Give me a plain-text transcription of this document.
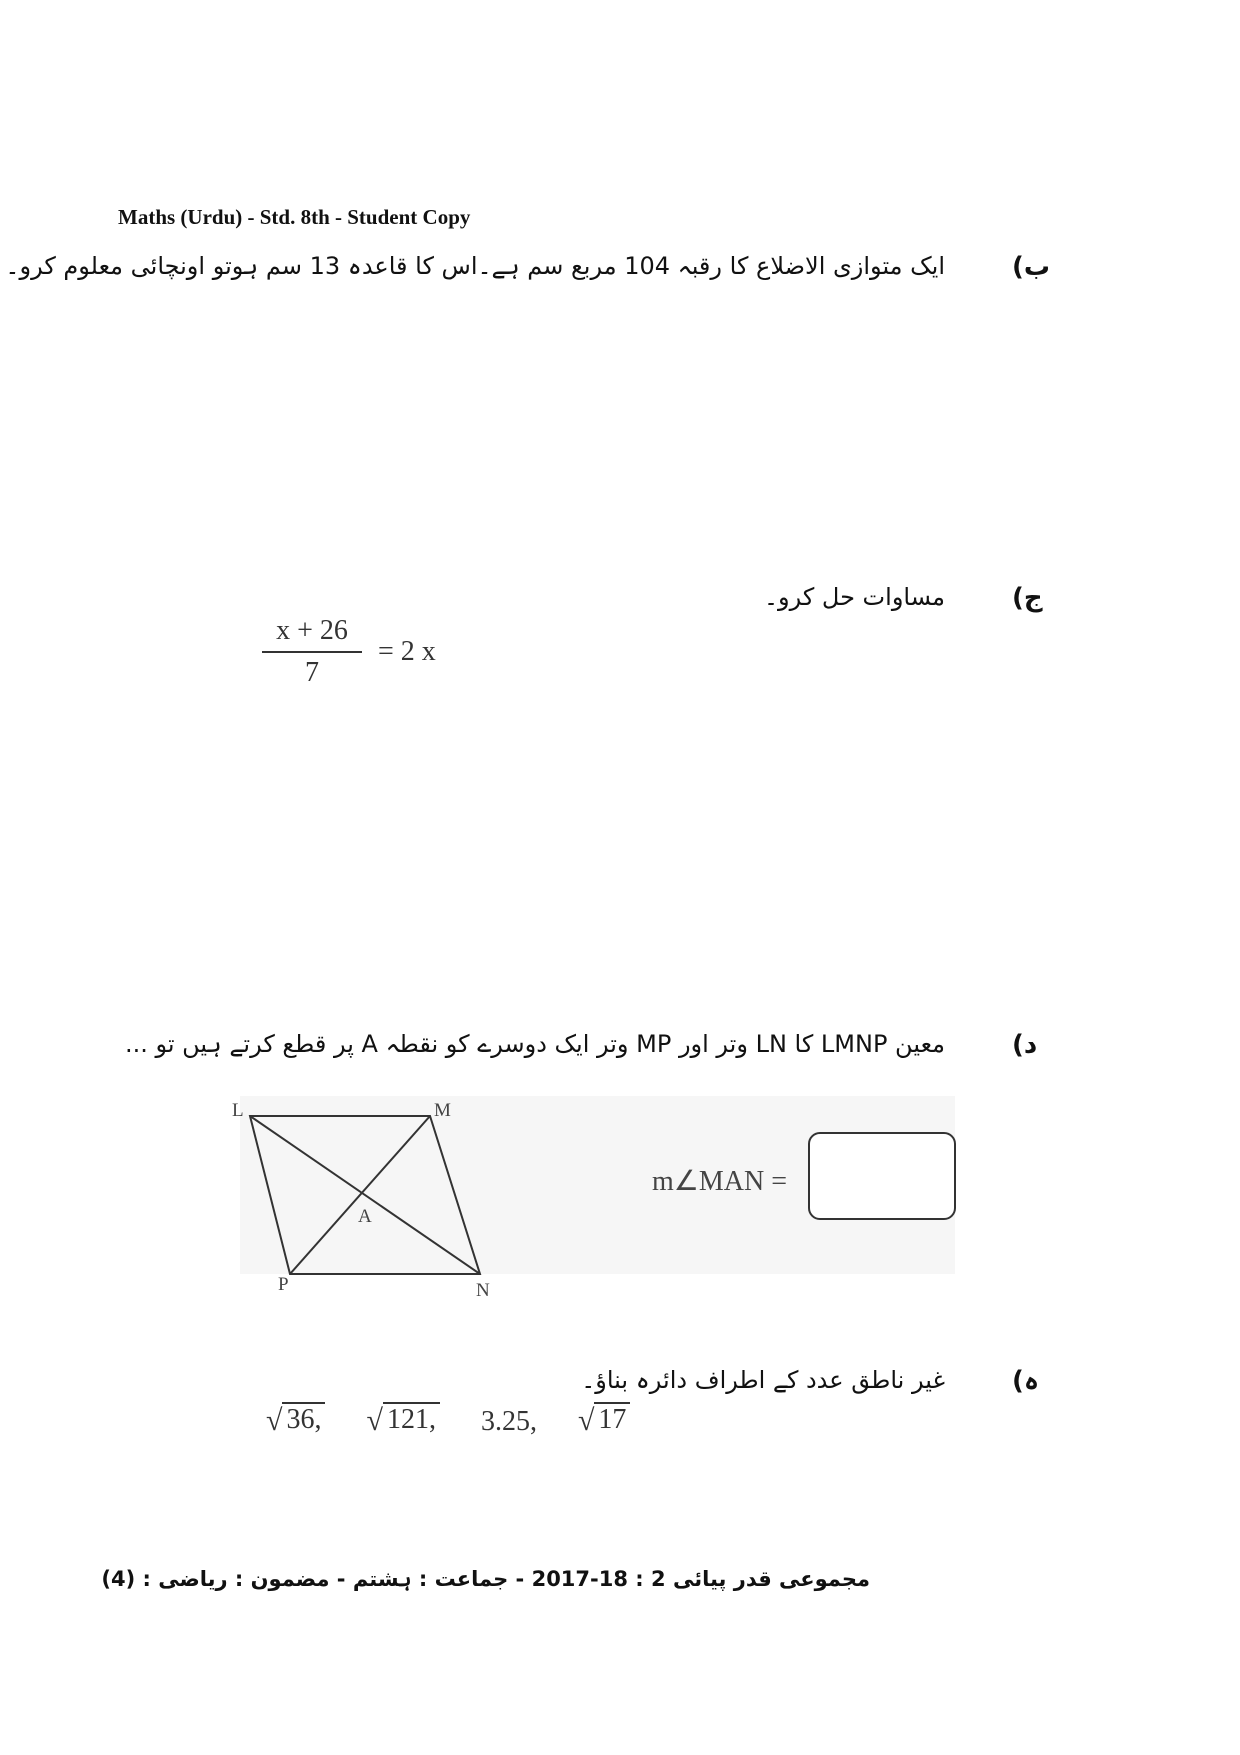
Maths (Urdu) - Std. 8th - Student Copy
ب)
ایک متوازی الاضلاع کا رقبہ 104 مربع سم ہے۔اس کا قاعدہ 13 سم ہوتو اونچائی معلوم کرو۔
ج)
مساوات حل کرو۔
x + 26
7
= 2 x
د)
معین LMNP کا LN وتر اور MP وتر ایک دوسرے کو نقطہ A پر قطع کرتے ہیں تو ...
L	M
N
P
A
m∠MAN =
ہ)
غیر ناطق عدد کے اطراف دائرہ بناؤ۔
√ 36,
√ 121, 3.25, √ 17
مجموعی قدر پیائی 2 : 18-2017 - جماعت : ہشتم - مضمون : ریاضی : (4)
